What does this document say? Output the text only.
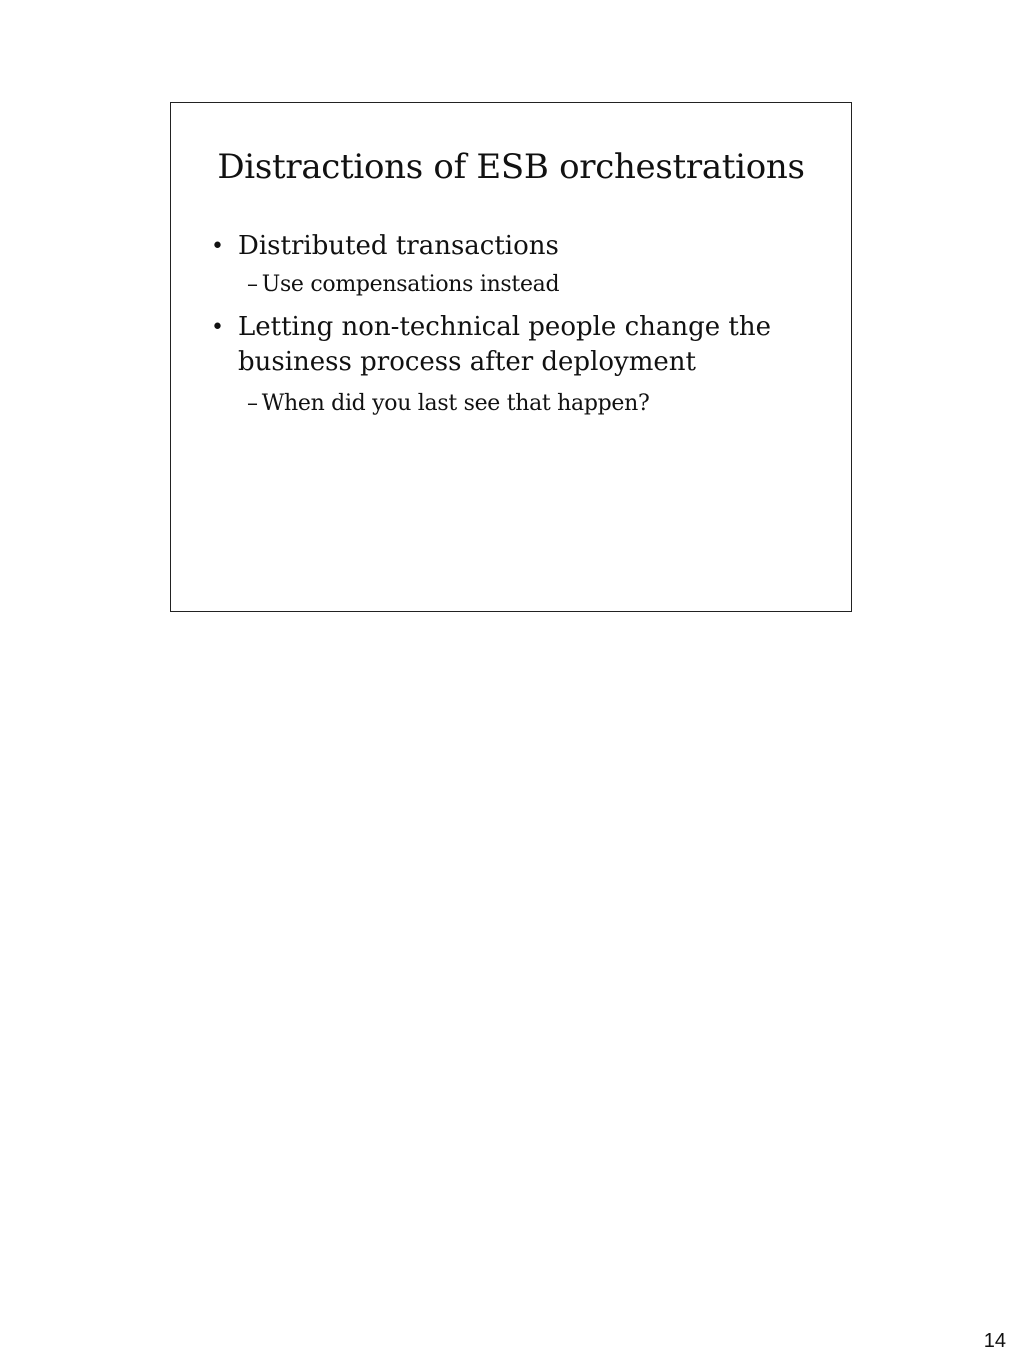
Distractions of ESB orchestrations
• Distributed transactions
– Use compensations instead
• Letting non-technical people change the business process after deployment
– When did you last see that happen?
14
